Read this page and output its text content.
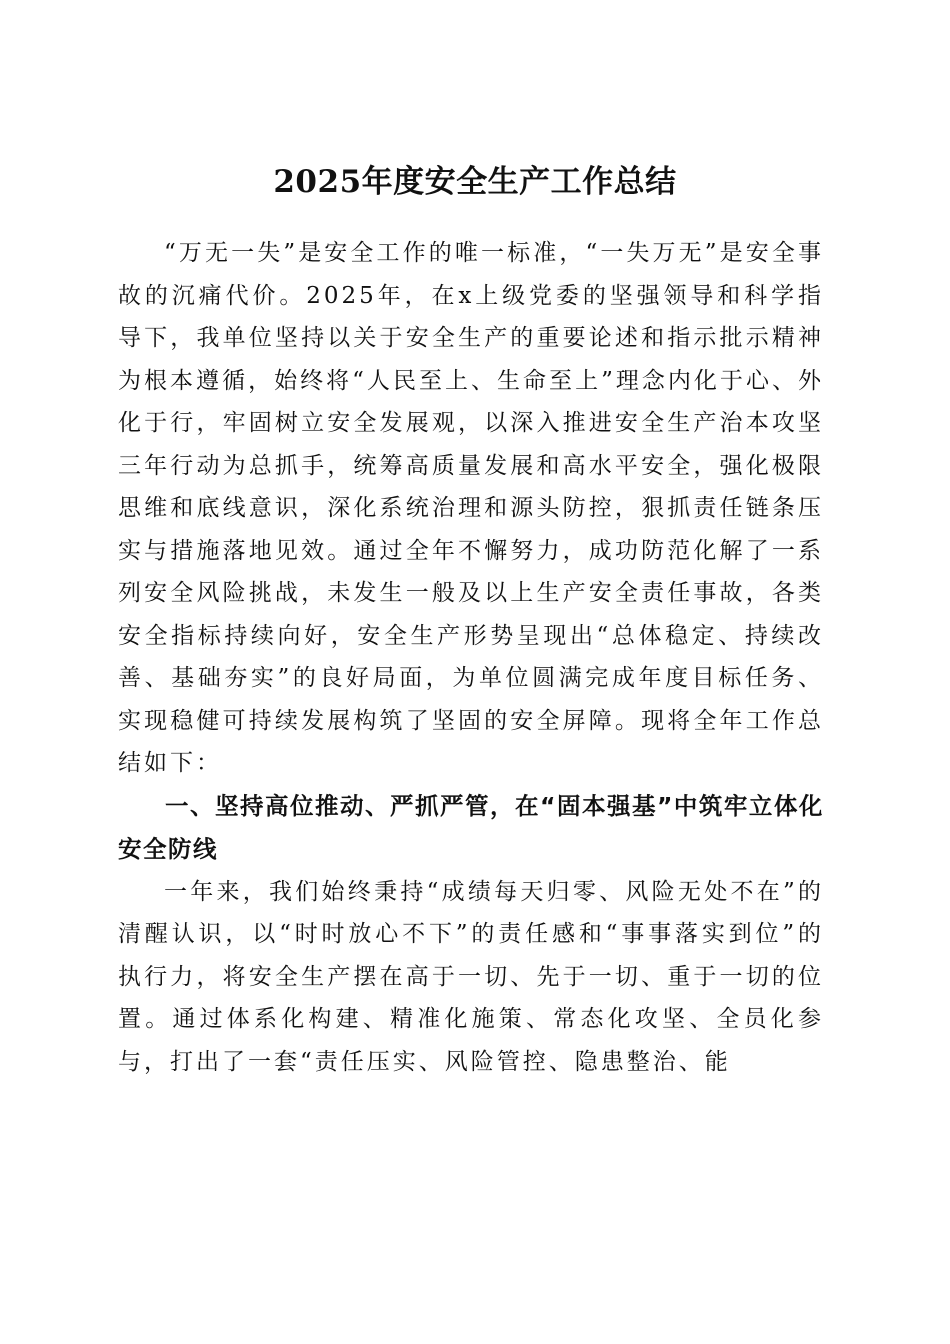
2025年度安全生产工作总结

“万无一失”是安全工作的唯一标准，“一失万无”是安全事故的沉痛代价。2025年，在x上级党委的坚强领导和科学指导下，我单位坚持以关于安全生产的重要论述和指示批示精神为根本遵循，始终将“人民至上、生命至上”理念内化于心、外化于行，牢固树立安全发展观，以深入推进安全生产治本攻坚三年行动为总抓手，统筹高质量发展和高水平安全，强化极限思维和底线意识，深化系统治理和源头防控，狠抓责任链条压实与措施落地见效。通过全年不懈努力，成功防范化解了一系列安全风险挑战，未发生一般及以上生产安全责任事故，各类安全指标持续向好，安全生产形势呈现出“总体稳定、持续改善、基础夯实”的良好局面，为单位圆满完成年度目标任务、实现稳健可持续发展构筑了坚固的安全屏障。现将全年工作总结如下：

一、坚持高位推动、严抓严管，在“固本强基”中筑牢立体化安全防线

一年来，我们始终秉持“成绩每天归零、风险无处不在”的清醒认识，以“时时放心不下”的责任感和“事事落实到位”的执行力，将安全生产摆在高于一切、先于一切、重于一切的位置。通过体系化构建、精准化施策、常态化攻坚、全员化参与，打出了一套“责任压实、风险管控、隐患整治、能
